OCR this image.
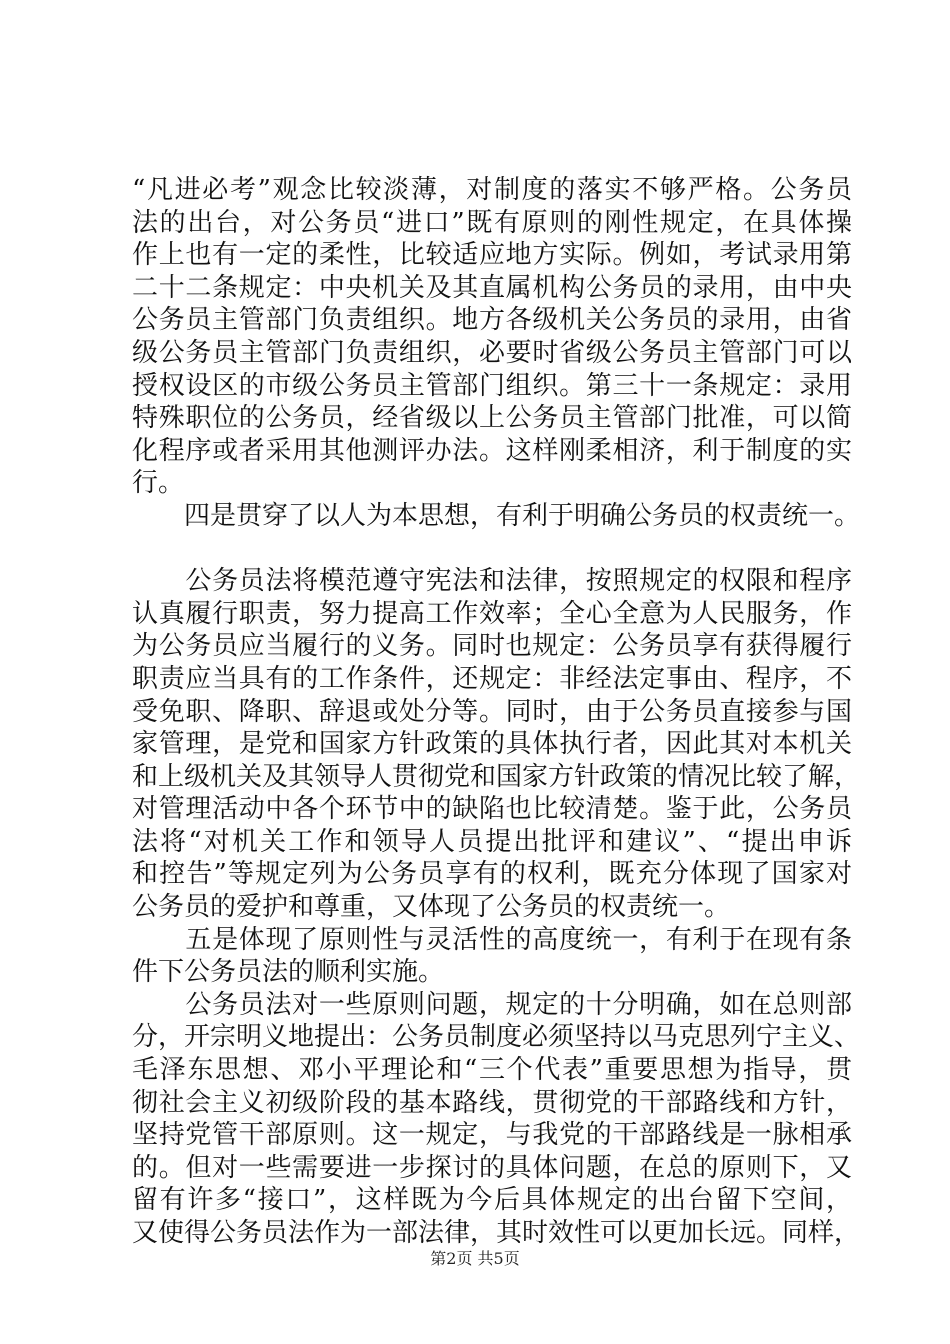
“凡进必考”观念比较淡薄，对制度的落实不够严格。公务员
法的出台，对公务员“进口”既有原则的刚性规定，在具体操
作上也有一定的柔性，比较适应地方实际。例如，考试录用第
二十二条规定：中央机关及其直属机构公务员的录用，由中央
公务员主管部门负责组织。地方各级机关公务员的录用，由省
级公务员主管部门负责组织，必要时省级公务员主管部门可以
授权设区的市级公务员主管部门组织。第三十一条规定：录用
特殊职位的公务员，经省级以上公务员主管部门批准，可以简
化程序或者采用其他测评办法。这样刚柔相济，利于制度的实
行。
　　四是贯穿了以人为本思想，有利于明确公务员的权责统一。
　　公务员法将模范遵守宪法和法律，按照规定的权限和程序
认真履行职责，努力提高工作效率；全心全意为人民服务，作
为公务员应当履行的义务。同时也规定：公务员享有获得履行
职责应当具有的工作条件，还规定：非经法定事由、程序，不
受免职、降职、辞退或处分等。同时，由于公务员直接参与国
家管理，是党和国家方针政策的具体执行者，因此其对本机关
和上级机关及其领导人贯彻党和国家方针政策的情况比较了解，
对管理活动中各个环节中的缺陷也比较清楚。鉴于此，公务员
法将“对机关工作和领导人员提出批评和建议”、“提出申诉
和控告”等规定列为公务员享有的权利，既充分体现了国家对
公务员的爱护和尊重，又体现了公务员的权责统一。
　　五是体现了原则性与灵活性的高度统一，有利于在现有条
件下公务员法的顺利实施。
　　公务员法对一些原则问题，规定的十分明确，如在总则部
分，开宗明义地提出：公务员制度必须坚持以马克思列宁主义、
毛泽东思想、邓小平理论和“三个代表”重要思想为指导，贯
彻社会主义初级阶段的基本路线，贯彻党的干部路线和方针，
坚持党管干部原则。这一规定，与我党的干部路线是一脉相承
的。但对一些需要进一步探讨的具体问题，在总的原则下，又
留有许多“接口”，这样既为今后具体规定的出台留下空间，
又使得公务员法作为一部法律，其时效性可以更加长远。同样，
第2页 共5页
